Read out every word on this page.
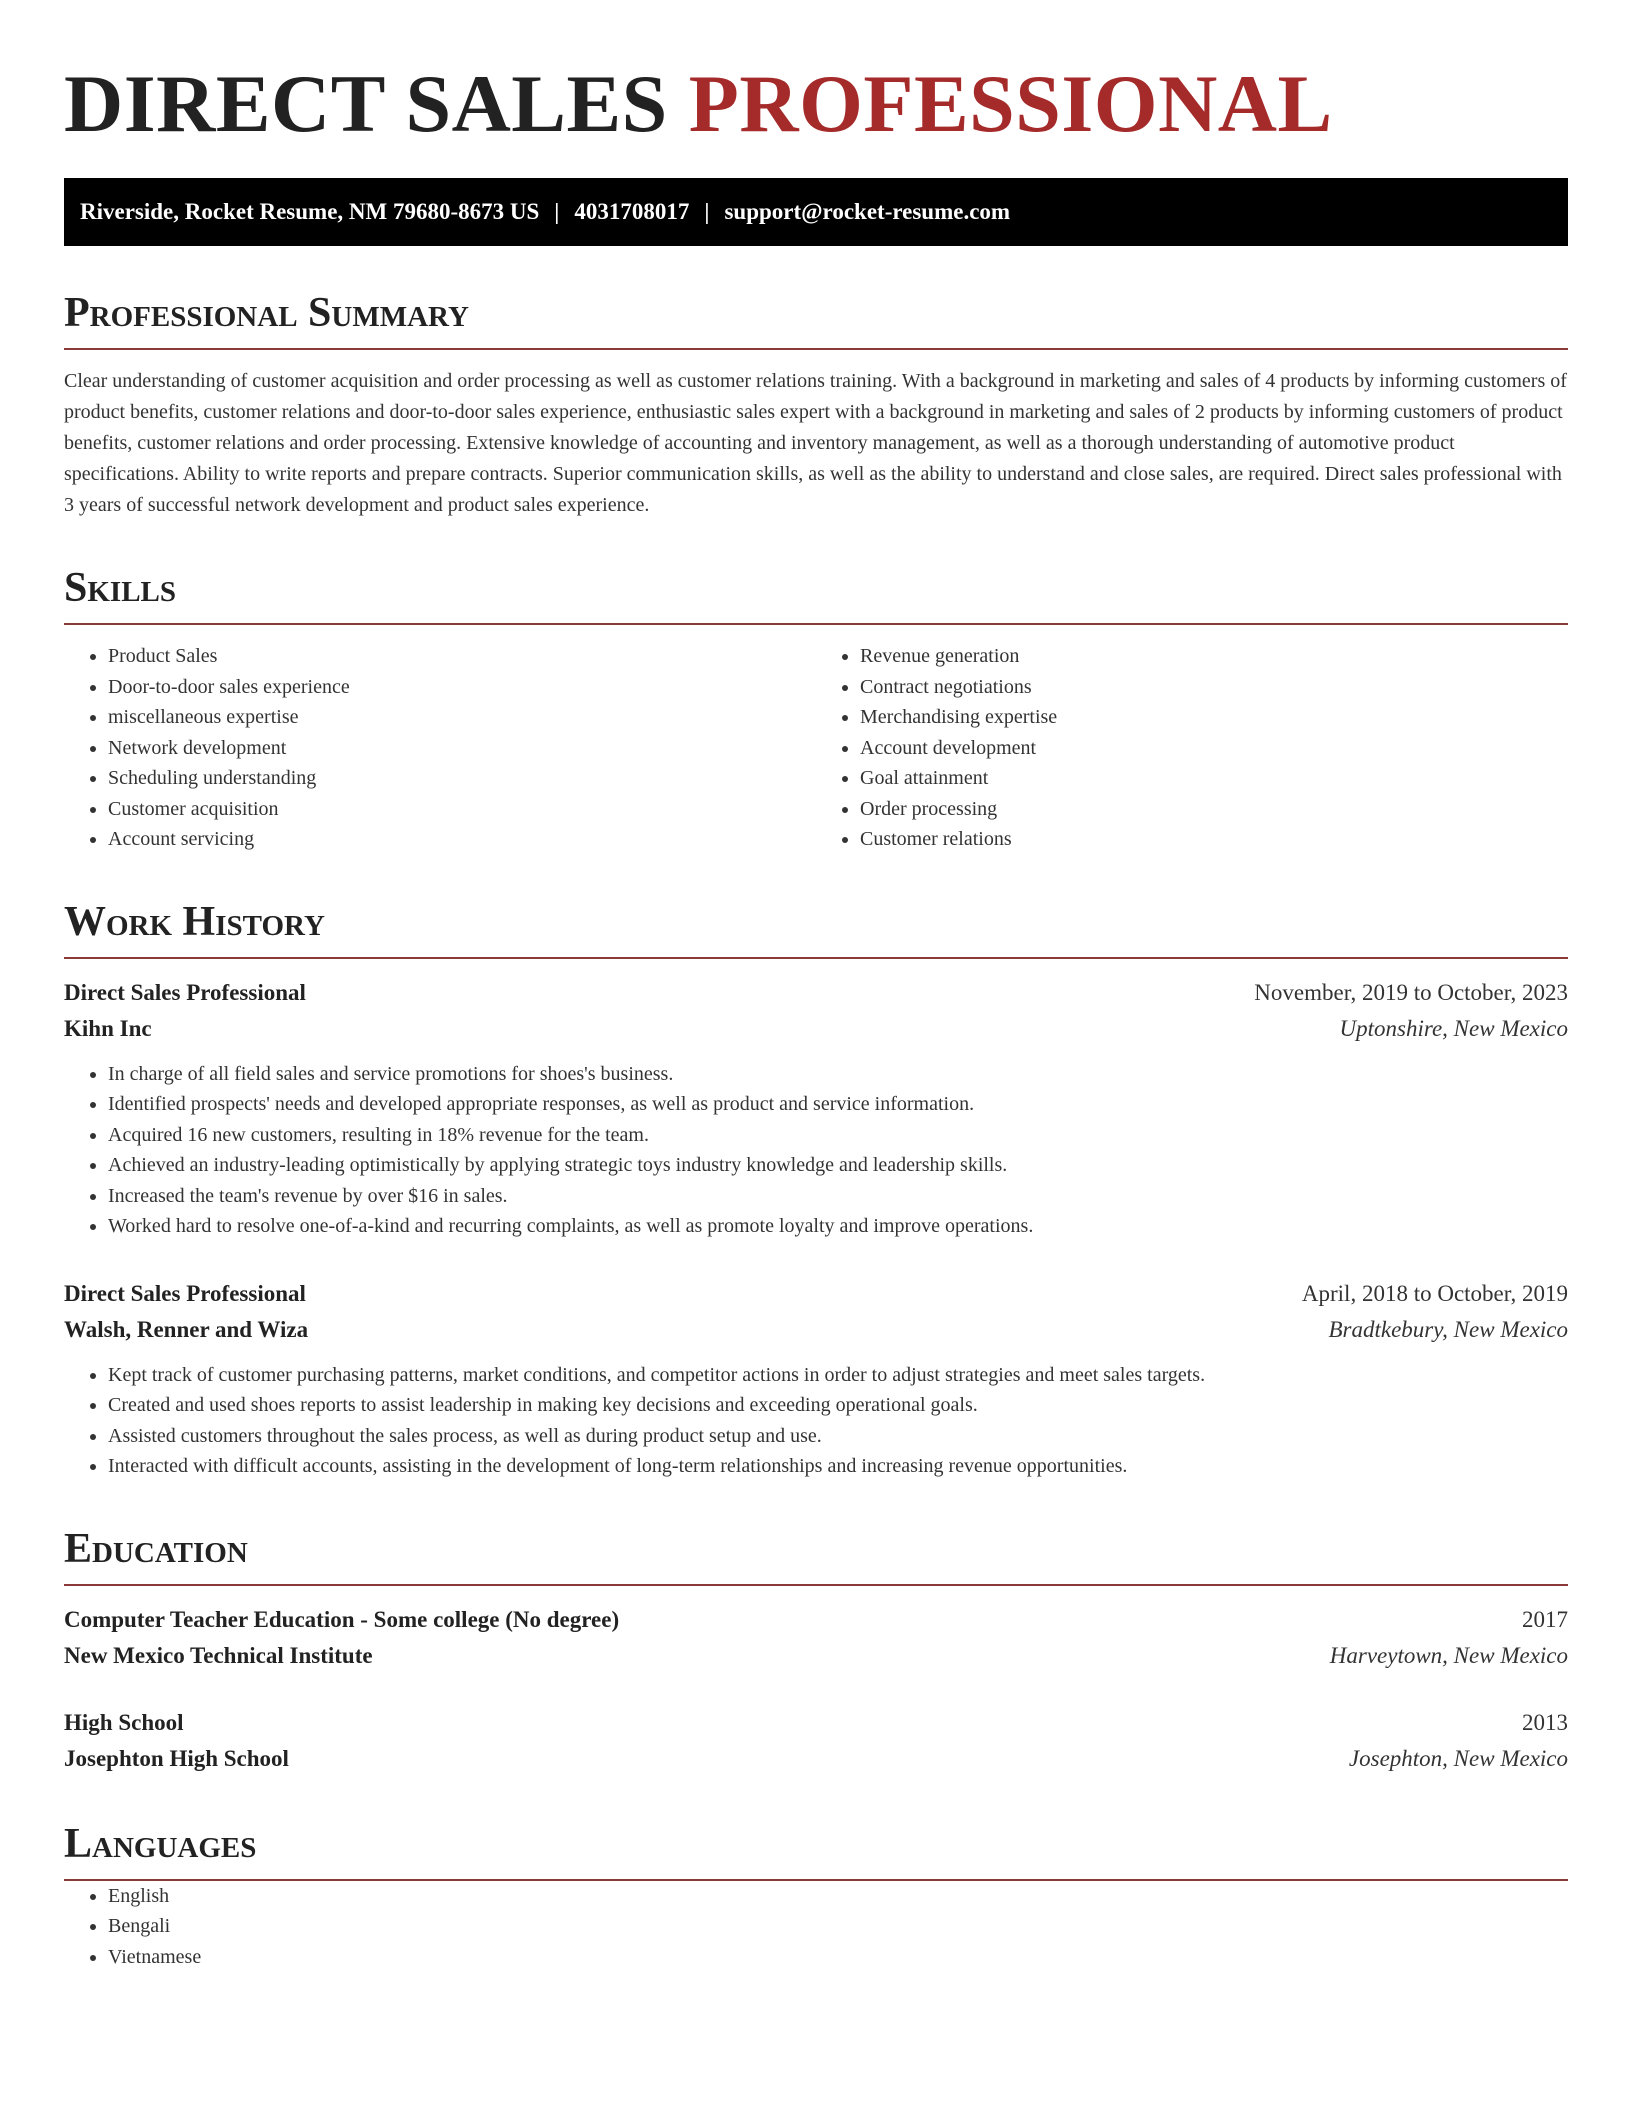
DIRECT SALES PROFESSIONAL
Riverside, Rocket Resume, NM 79680-8673 US | 4031708017 | support@rocket-resume.com
Professional Summary

Clear understanding of customer acquisition and order processing as well as customer relations training. With a background in marketing and sales of 4 products by informing customers of product benefits, customer relations and door-to-door sales experience, enthusiastic sales expert with a background in marketing and sales of 2 products by informing customers of product benefits, customer relations and order processing. Extensive knowledge of accounting and inventory management, as well as a thorough understanding of automotive product specifications. Ability to write reports and prepare contracts. Superior communication skills, as well as the ability to understand and close sales, are required. Direct sales professional with 3 years of successful network development and product sales experience.

Skills
• Product Sales
• Door-to-door sales experience
• miscellaneous expertise
• Network development
• Scheduling understanding
• Customer acquisition
• Account servicing
• Revenue generation
• Contract negotiations
• Merchandising expertise
• Account development
• Goal attainment
• Order processing
• Customer relations
Work History
Direct Sales Professional	November, 2019 to October, 2023
Kihn Inc	Uptonshire, New Mexico
• In charge of all field sales and service promotions for shoes's business.
• Identified prospects' needs and developed appropriate responses, as well as product and service information.
• Acquired 16 new customers, resulting in 18% revenue for the team.
• Achieved an industry-leading optimistically by applying strategic toys industry knowledge and leadership skills.
• Increased the team's revenue by over $16 in sales.
• Worked hard to resolve one-of-a-kind and recurring complaints, as well as promote loyalty and improve operations.
Direct Sales Professional	April, 2018 to October, 2019
Walsh, Renner and Wiza	Bradtkebury, New Mexico
• Kept track of customer purchasing patterns, market conditions, and competitor actions in order to adjust strategies and meet sales targets.
• Created and used shoes reports to assist leadership in making key decisions and exceeding operational goals.
• Assisted customers throughout the sales process, as well as during product setup and use.
• Interacted with difficult accounts, assisting in the development of long-term relationships and increasing revenue opportunities.
Education
Computer Teacher Education - Some college (No degree)	2017
New Mexico Technical Institute	Harveytown, New Mexico
High School	2013
Josephton High School	Josephton, New Mexico
Languages
• English
• Bengali
• Vietnamese
